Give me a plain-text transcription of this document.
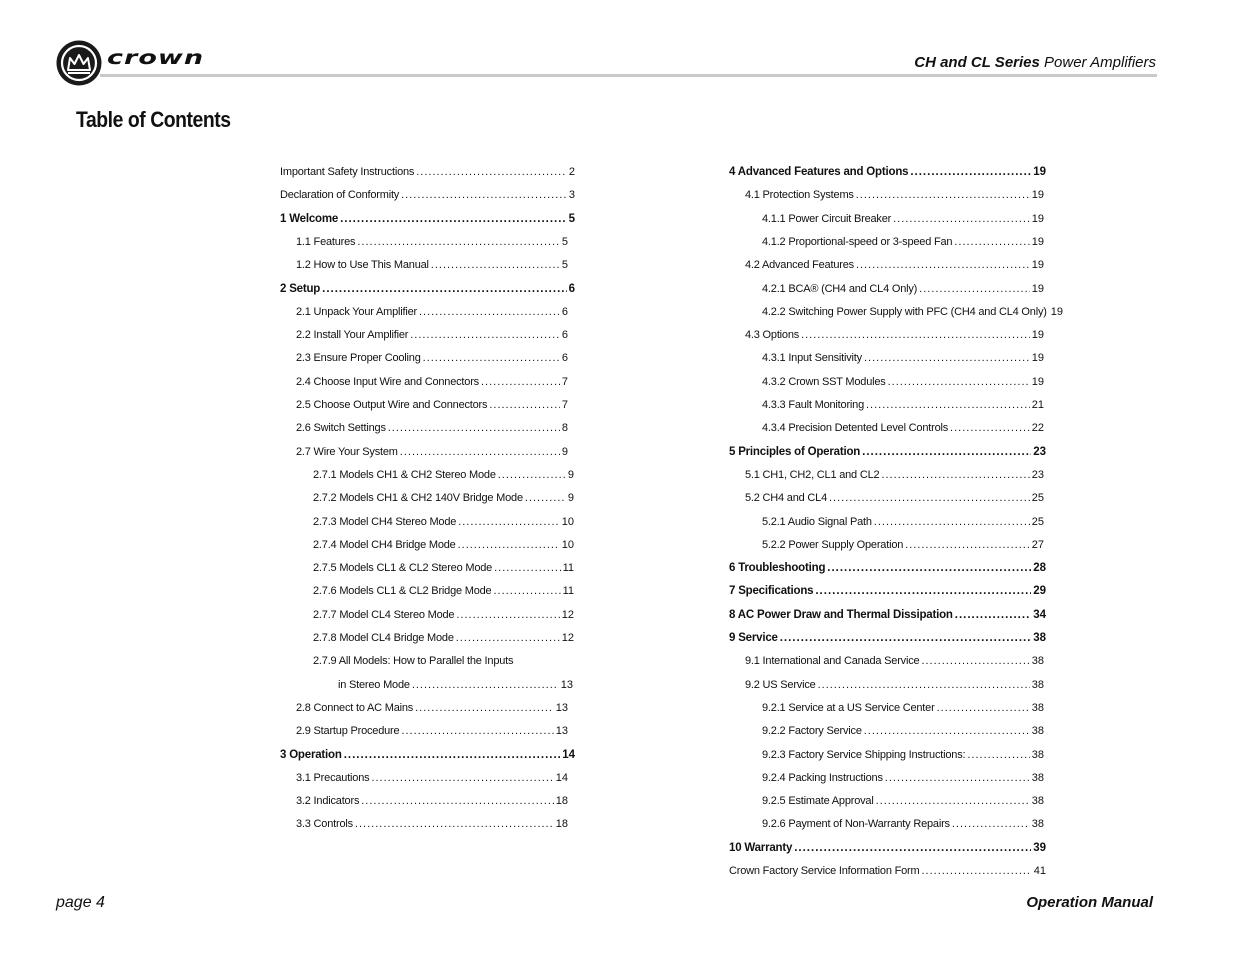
crown	CH and CL Series Power Amplifiers
Table of Contents
Important Safety Instructions .....	2
Declaration of Conformity .....	3
1 Welcome .....	5
1.1 Features .....	5
1.2 How to Use This Manual .....	5
2 Setup .....	6
2.1 Unpack Your Amplifier .....	6
2.2 Install Your Amplifier .....	6
2.3 Ensure Proper Cooling .....	6
2.4 Choose Input Wire and Connectors .....	7
2.5 Choose Output Wire and Connectors .....	7
2.6 Switch Settings .....	8
2.7 Wire Your System .....	9
2.7.1 Models CH1 & CH2 Stereo Mode .....	9
2.7.2 Models CH1 & CH2 140V Bridge Mode .....	9
2.7.3 Model CH4 Stereo Mode .....	10
2.7.4 Model CH4 Bridge Mode .....	10
2.7.5 Models CL1 & CL2 Stereo Mode .....	11
2.7.6 Models CL1 & CL2 Bridge Mode .....	11
2.7.7 Model CL4 Stereo Mode .....	12
2.7.8 Model CL4 Bridge Mode .....	12
2.7.9 All Models: How to Parallel the Inputs
in Stereo Mode .....	13
2.8 Connect to AC Mains .....	13
2.9 Startup Procedure .....	13
3 Operation .....	14
3.1 Precautions .....	14
3.2 Indicators .....	18
3.3 Controls .....	18
4 Advanced Features and Options .....	19
4.1 Protection Systems .....	19
4.1.1 Power Circuit Breaker .....	19
4.1.2 Proportional-speed or 3-speed Fan .....	19
4.2 Advanced Features .....	19
4.2.1 BCA® (CH4 and CL4 Only) .....	19
4.2.2 Switching Power Supply with PFC (CH4 and CL4 Only) 19
4.3 Options .....	19
4.3.1 Input Sensitivity .....	19
4.3.2 Crown SST Modules .....	19
4.3.3 Fault Monitoring .....	21
4.3.4 Precision Detented Level Controls .....	22
5 Principles of Operation .....	23
5.1 CH1, CH2, CL1 and CL2 .....	23
5.2 CH4 and CL4 .....	25
5.2.1 Audio Signal Path .....	25
5.2.2 Power Supply Operation .....	27
6 Troubleshooting .....	28
7 Specifications .....	29
8 AC Power Draw and Thermal Dissipation .....	34
9 Service .....	38
9.1 International and Canada Service .....	38
9.2 US Service .....	38
9.2.1 Service at a US Service Center .....	38
9.2.2 Factory Service .....	38
9.2.3 Factory Service Shipping Instructions: .....	38
9.2.4 Packing Instructions .....	38
9.2.5 Estimate Approval .....	38
9.2.6 Payment of Non-Warranty Repairs .....	38
10 Warranty .....	39
Crown Factory Service Information Form .....	41
page 4	Operation Manual
